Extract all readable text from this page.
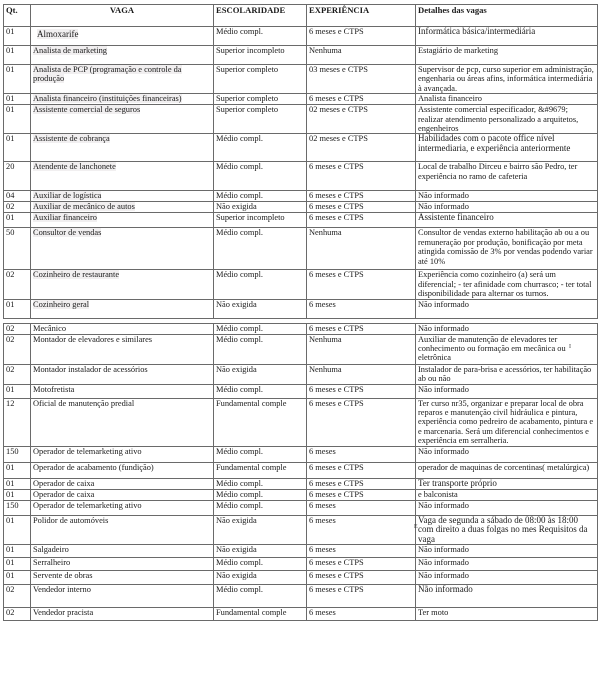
Qt.	VAGA	ESCOLARIDADE	EXPERIÊNCIA	Detalhes das vagas
01	Almoxarife	Médio compl.	6 meses e CTPS	Informática básica/intermediária
01	Analista de marketing	Superior incompleto	Nenhuma	Estagiário de marketing
01	Analista de PCP (programação e controle da produção	Superior completo	03 meses e CTPS	Supervisor de pcp, curso superior em administração, engenharia ou áreas afins, informática intermediária à avançada.
01	Analista financeiro (instituições financeiras)	Superior completo	6 meses e CTPS	Analista financeiro
01	Assistente comercial de seguros	Superior completo	02 meses e CTPS	Assistente comercial especificador, &#9679; realizar atendimento personalizado a arquitetos, engenheiros
01	Assistente de cobrança	Médio compl.	02 meses e CTPS	Habilidades com o pacote office nível intermediaria, e experiência anteriormente
20	Atendente de lanchonete	Médio compl.	6 meses e CTPS	Local de trabalho Dirceu e bairro são Pedro, ter experiência no ramo de cafeteria
04	Auxiliar de logística	Médio compl.	6 meses e CTPS	Não informado
02	Auxiliar de mecânico de autos	Não exigida	6 meses e CTPS	Não informado
01	Auxiliar financeiro	Superior incompleto	6 meses e CTPS	Assistente financeiro
50	Consultor de vendas	Médio compl.	Nenhuma	Consultor de vendas externo habilitação ab ou a ou remuneração por produção, bonificação por meta atingida comissão de 3% por vendas podendo variar até 10%
02	Cozinheiro de restaurante	Médio compl.	6 meses e CTPS	Experiência como cozinheiro (a) será um diferencial; - ter afinidade com churrasco; - ter total disponibilidade para alternar os turnos.
01	Cozinheiro geral	Não exigida	6 meses	Não informado

02	Mecânico	Médio compl.	6 meses e CTPS	Não informado
02	Montador de elevadores e similares	Médio compl.	Nenhuma	Auxiliar de manutenção de elevadores ter conhecimento ou formação em mecânica ou eletrônica
02	Montador instalador de acessórios	Não exigida	Nenhuma	Instalador de para-brisa e acessórios, ter habilitação ab ou não
01	Motofretista	Médio compl.	6 meses e CTPS	Não informado
12	Oficial de manutenção predial	Fundamental comple	6 meses e CTPS	Ter curso nr35, organizar e preparar local de obra reparos e manutenção civil hidráulica e pintura, experiência como pedreiro de acabamento, pintura e e marcenaria. Será um diferencial conhecimentos e experiência em serralheria.
150	Operador de telemarketing ativo	Médio compl.	6 meses	Não informado
01	Operador de acabamento (fundição)	Fundamental comple	6 meses e CTPS	operador de maquinas de corcentinas( metalúrgica)
01	Operador de caixa	Médio compl.	6 meses e CTPS	Ter transporte próprio
01	Operador de caixa	Médio compl.	6 meses e CTPS	e balconista
150	Operador de telemarketing ativo	Médio compl.	6 meses	Não informado
01	Polidor de automóveis	Não exigida	6 meses	Vaga de segunda a sábado de 08:00 às 18:00 com direito a duas folgas no mes Requisitos da vaga
01	Salgadeiro	Não exigida	6 meses	Não informado
01	Serralheiro	Médio compl.	6 meses e CTPS	Não informado
01	Servente de obras	Não exigida	6 meses e CTPS	Não informado
02	Vendedor interno	Médio compl.	6 meses e CTPS	Não informado
02	Vendedor pracista	Fundamental comple	6 meses	Ter moto
I
E
